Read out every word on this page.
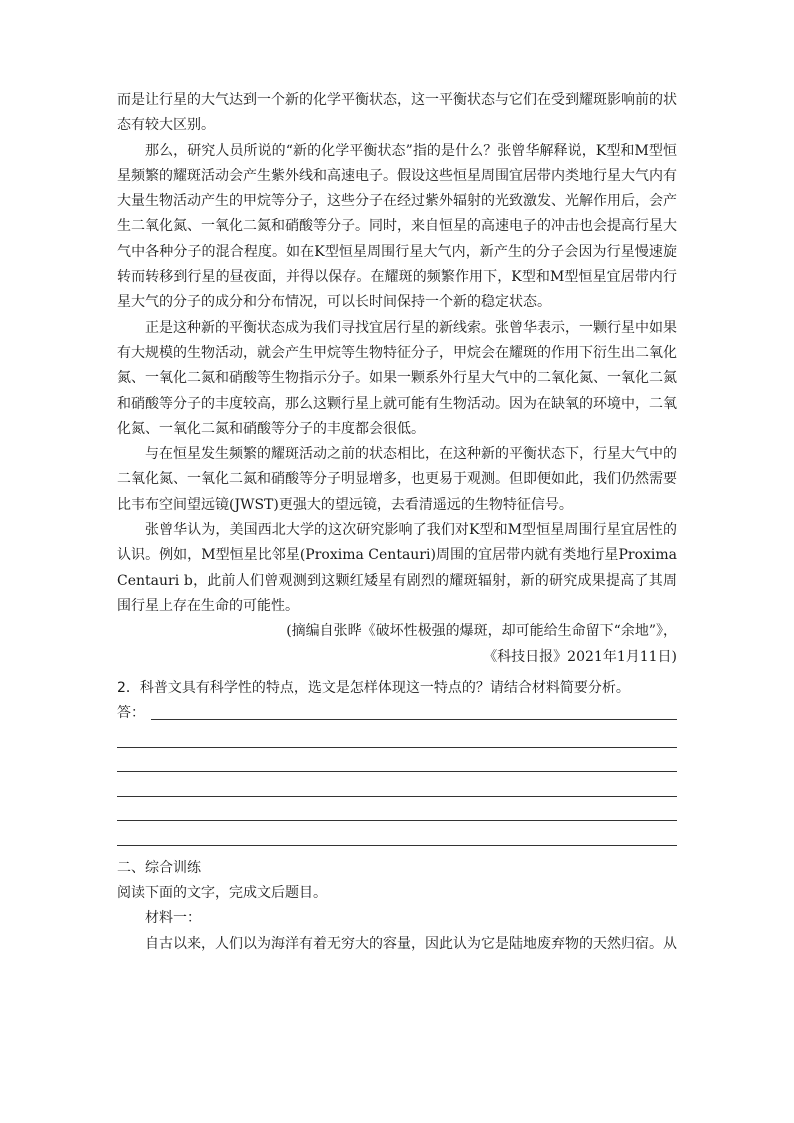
而是让行星的大气达到一个新的化学平衡状态，这一平衡状态与它们在受到耀斑影响前的状态有较大区别。

那么，研究人员所说的“新的化学平衡状态”指的是什么？张曾华解释说，K型和M型恒星频繁的耀斑活动会产生紫外线和高速电子。假设这些恒星周围宜居带内类地行星大气内有大量生物活动产生的甲烷等分子，这些分子在经过紫外辐射的光致激发、光解作用后，会产生二氧化氮、一氧化二氮和硝酸等分子。同时，来自恒星的高速电子的冲击也会提高行星大气中各种分子的混合程度。如在K型恒星周围行星大气内，新产生的分子会因为行星慢速旋转而转移到行星的昼夜面，并得以保存。在耀斑的频繁作用下，K型和M型恒星宜居带内行星大气的分子的成分和分布情况，可以长时间保持一个新的稳定状态。

正是这种新的平衡状态成为我们寻找宜居行星的新线索。张曾华表示，一颗行星中如果有大规模的生物活动，就会产生甲烷等生物特征分子，甲烷会在耀斑的作用下衍生出二氧化氮、一氧化二氮和硝酸等生物指示分子。如果一颗系外行星大气中的二氧化氮、一氧化二氮和硝酸等分子的丰度较高，那么这颗行星上就可能有生物活动。因为在缺氧的环境中，二氧化氮、一氧化二氮和硝酸等分子的丰度都会很低。

与在恒星发生频繁的耀斑活动之前的状态相比，在这种新的平衡状态下，行星大气中的二氧化氮、一氧化二氮和硝酸等分子明显增多，也更易于观测。但即便如此，我们仍然需要比韦布空间望远镜(JWST)更强大的望远镜，去看清遥远的生物特征信号。

张曾华认为，美国西北大学的这次研究影响了我们对K型和M型恒星周围行星宜居性的认识。例如，M型恒星比邻星(Proxima Centauri)周围的宜居带内就有类地行星Proxima Centauri b，此前人们曾观测到这颗红矮星有剧烈的耀斑辐射，新的研究成果提高了其周围行星上存在生命的可能性。

(摘编自张晔《破坏性极强的爆斑，却可能给生命留下“余地”》，

《科技日报》2021年1月11日)

2．科普文具有科学性的特点，选文是怎样体现这一特点的？请结合材料简要分析。

答：

二、综合训练

阅读下面的文字，完成文后题目。

材料一：

自古以来，人们以为海洋有着无穷大的容量，因此认为它是陆地废弃物的天然归宿。从
